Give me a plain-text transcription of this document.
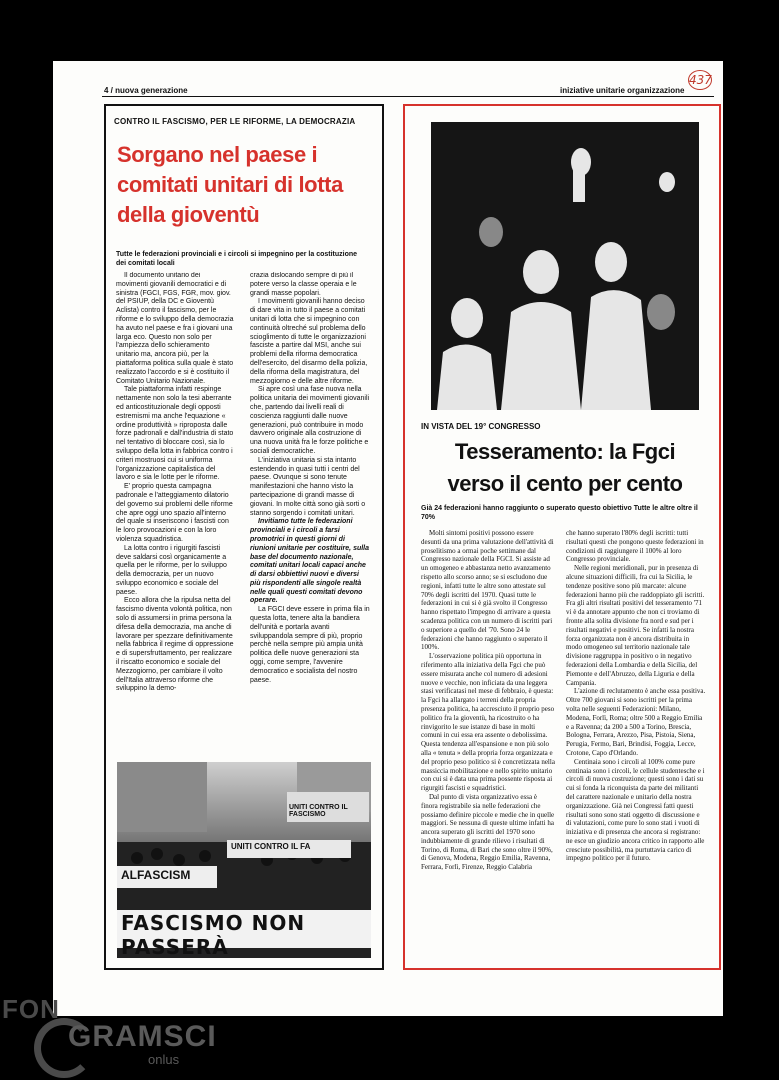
4 / nuova generazione	iniziative unitarie organizzazione
437
CONTRO IL FASCISMO, PER LE RIFORME, LA DEMOCRAZIA
Sorgano nel paese i comitati unitari di lotta della gioventù
Tutte le federazioni provinciali e i circoli si impegnino per la costituzione dei comitati locali

Il documento unitario dei movimenti giovanili democratici e di sinistra (FGCI, FGS, FGR, mov. giov. del PSIUP, della DC e Gioventù Aclista) contro il fascismo, per le riforme e lo sviluppo della democrazia ha avuto nel paese e fra i giovani una larga eco. Questo non solo per l'ampiezza dello schieramento unitario ma, ancora più, per la piattaforma politica sulla quale è stato realizzato l'accordo e si è costituito il Comitato Unitario Nazionale.

Tale piattaforma infatti respinge nettamente non solo la tesi aberrante ed anticostituzionale degli opposti estremismi ma anche l'equazione « ordine produttività » riproposta dalle forze padronali e dall'industria di stato nel tentativo di bloccare così, sia lo sviluppo della lotta in fabbrica contro i criteri mostruosi cui si uniforma l'organizzazione capitalistica del lavoro e sia le lotte per le riforme.

E' proprio questa campagna padronale e l'atteggiamento dilatorio del governo sui problemi delle riforme che apre oggi uno spazio all'interno del quale si inseriscono i fascisti con le loro provocazioni e con la loro violenza squadristica.

La lotta contro i rigurgiti fascisti deve saldarsi così organicamente a quella per le riforme, per lo sviluppo della democrazia, per un nuovo sviluppo economico e sociale del paese.

Ecco allora che la ripulsa netta del fascismo diventa volontà politica, non solo di assumersi in prima persona la difesa della democrazia, ma anche di lavorare per spezzare definitivamente nella fabbrica il regime di oppressione e di supersfruttamento, per realizzare il riscatto economico e sociale del Mezzogiorno, per cambiare il volto dell'Italia attraverso riforme che sviluppino la demo-

crazia dislocando sempre di più il potere verso la classe operaia e le grandi masse popolari.

I movimenti giovanili hanno deciso di dare vita in tutto il paese a comitati unitari di lotta che si impegnino con continuità oltreché sul problema dello scioglimento di tutte le organizzazioni fasciste a partire dal MSI, anche sui problemi della riforma democratica dell'esercito, del disarmo della polizia, della riforma della magistratura, del mezzogiorno e delle altre riforme.

Si apre così una fase nuova nella politica unitaria dei movimenti giovanili che, partendo dai livelli reali di coscienza raggiunti dalle nuove generazioni, può contribuire in modo davvero originale alla costruzione di una nuova unità fra le forze politiche e sociali democratiche.

L'iniziativa unitaria si sta intanto estendendo in quasi tutti i centri del paese. Ovunque si sono tenute manifestazioni che hanno visto la partecipazione di grandi masse di giovani. In molte città sono già sorti o stanno sorgendo i comitati unitari.

Invitiamo tutte le federazioni provinciali e i circoli a farsi promotrici in questi giorni di riunioni unitarie per costituire, sulla base del documento nazionale, comitati unitari locali capaci anche di darsi obbiettivi nuovi e diversi più rispondenti alle singole realtà nelle quali questi comitati devono operare.

La FGCI deve essere in prima fila in questa lotta, tenere alta la bandiera dell'unità e portarla avanti sviluppandola sempre di più, proprio perchè nella sempre più ampia unità politica delle nuove generazioni sta oggi, come sempre, l'avvenire democratico e socialista del nostro paese.

UNITI CONTRO IL FASCISMO
UNITI CONTRO IL FA
ALFASCISM
FASCISMO NON PASSERÀ
IN VISTA DEL 19° CONGRESSO
Tesseramento: la Fgci
verso il cento per cento
Già 24 federazioni hanno raggiunto o superato questo obiettivo Tutte le altre oltre il 70%

Molti sintomi positivi possono essere desunti da una prima valutazione dell'attività di proselitismo a ormai poche settimane dal Congresso nazionale della FGCI. Si assiste ad un omogeneo e abbastanza netto avanzamento rispetto allo scorso anno; se si escludono due regioni, infatti tutte le altre sono attestate sul 70% degli iscritti del 1970. Quasi tutte le federazioni in cui si è già svolto il Congresso hanno rispettato l'impegno di arrivare a questa scadenza politica con un numero di iscritti pari o superiore a quello del '70. Sono 24 le federazioni che hanno raggiunto o superato il 100%.

L'osservazione politica più opportuna in riferimento alla iniziativa della Fgci che può essere misurata anche col numero di adesioni nuove e vecchie, non inficiata da una leggera stasi verificatasi nel mese di febbraio, è questa: la Fgci ha allargato i terreni della propria presenza politica, ha accresciuto il proprio peso politico fra la gioventù, ha ricostruito o ha rinvigorito le sue istanze di base in molti comuni in cui essa era assente o debolissima. Questa tendenza all'espansione e non più solo alla « tenuta » della propria forza organizzata e del proprio peso politico si è concretizzata nella massiccia mobilitazione e nello spirito unitario con cui si è data una prima possente risposta ai rigurgiti fascisti e squadristici.

Dal punto di vista organizzativo essa è finora registrabile sia nelle federazioni che possiamo definire piccole e medie che in quelle maggiori. Se nessuna di queste ultime infatti ha ancora superato gli iscritti del 1970 sono indubbiamente di grande rilievo i risultati di Torino, di Roma, di Bari che sono oltre il 90%, di Genova, Modena, Reggio Emilia, Ravenna, Ferrara, Forlì, Firenze, Reggio Calabria

che hanno superato l'80% degli iscritti: tutti risultati questi che pongono queste federazioni in condizioni di raggiungere il 100% al loro Congresso provinciale.

Nelle regioni meridionali, pur in presenza di alcune situazioni difficili, fra cui la Sicilia, le tendenze positive sono più marcate: alcune federazioni hanno più che raddoppiato gli iscritti. Fra gli altri risultati positivi del tesseramento '71 vi è da annotare appunto che non ci troviamo di fronte alla solita divisione fra nord e sud per i risultati negativi e positivi. Se infatti la nostra forza organizzata non è ancora distribuita in modo omogeneo sul territorio nazionale tale divisione raggruppa in positivo o in negativo federazioni della Lombardia e della Sicilia, del Piemonte e dell'Abruzzo, della Liguria e della Campania.

L'azione di reclutamento è anche essa positiva. Oltre 700 giovani si sono iscritti per la prima volta nelle seguenti Federazioni: Milano, Modena, Forlì, Roma; oltre 500 a Reggio Emilia e a Ravenna; da 200 a 500 a Torino, Brescia, Bologna, Ferrara, Arezzo, Pisa, Pistoia, Siena, Perugia, Fermo, Bari, Brindisi, Foggia, Lecce, Crotone, Capo d'Orlando.

Centinaia sono i circoli al 100% come pure centinaia sono i circoli, le cellule studentesche e i circoli di nuova costruzione; questi sono i dati su cui si fonda la riconquista da parte dei militanti del carattere nazionale e unitario della nostra organizzazione. Già nei Congressi fatti questi risultati sono sono stati oggetto di discussione e di valutazioni, come pure lo sono stati i vuoti di iniziativa e di presenza che ancora si registrano: ne esce un giudizio ancora critico in rapporto alle cresciute possibilità, ma purtuttavia carico di impegno politico per il futuro.

FON
GRAMSCI
onlus
